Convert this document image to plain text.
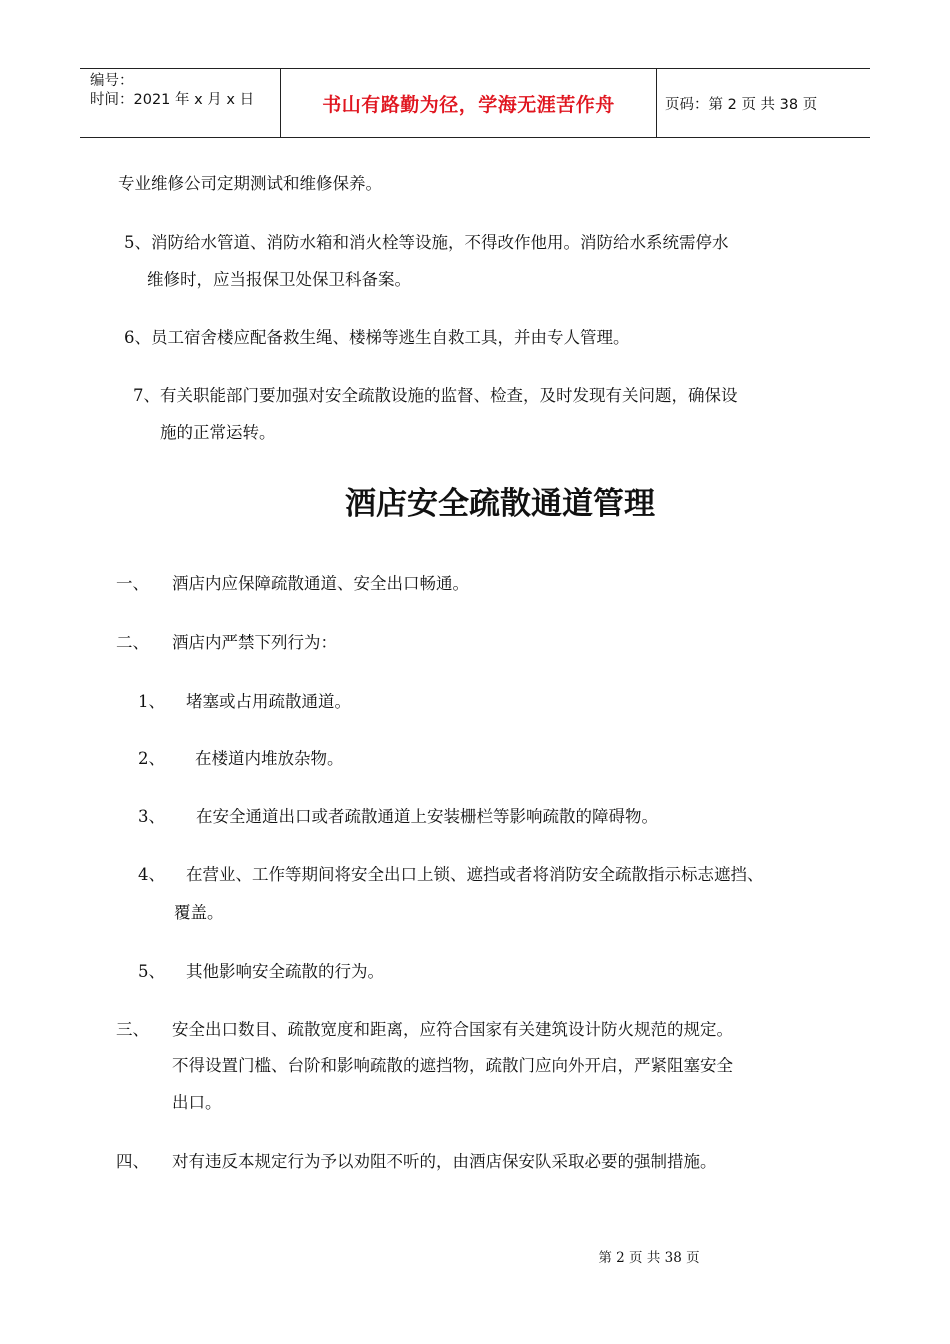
编号：
时间：2021 年 x 月 x 日	书山有路勤为径，学海无涯苦作舟	页码：第 2 页 共 38 页
专业维修公司定期测试和维修保养。
5、消防给水管道、消防水箱和消火栓等设施，不得改作他用。消防给水系统需停水
维修时，应当报保卫处保卫科备案。
6、员工宿舍楼应配备救生绳、楼梯等逃生自救工具，并由专人管理。
7、有关职能部门要加强对安全疏散设施的监督、检查，及时发现有关问题，确保设
施的正常运转。
酒店安全疏散通道管理
一、 酒店内应保障疏散通道、安全出口畅通。
二、 酒店内严禁下列行为：
1、 堵塞或占用疏散通道。
2、 在楼道内堆放杂物。
3、 在安全通道出口或者疏散通道上安装栅栏等影响疏散的障碍物。
4、 在营业、工作等期间将安全出口上锁、遮挡或者将消防安全疏散指示标志遮挡、
覆盖。
5、 其他影响安全疏散的行为。
三、 安全出口数目、疏散宽度和距离，应符合国家有关建筑设计防火规范的规定。
不得设置门槛、台阶和影响疏散的遮挡物，疏散门应向外开启，严紧阻塞安全
出口。
四、 对有违反本规定行为予以劝阻不听的，由酒店保安队采取必要的强制措施。
第 2 页 共 38 页
